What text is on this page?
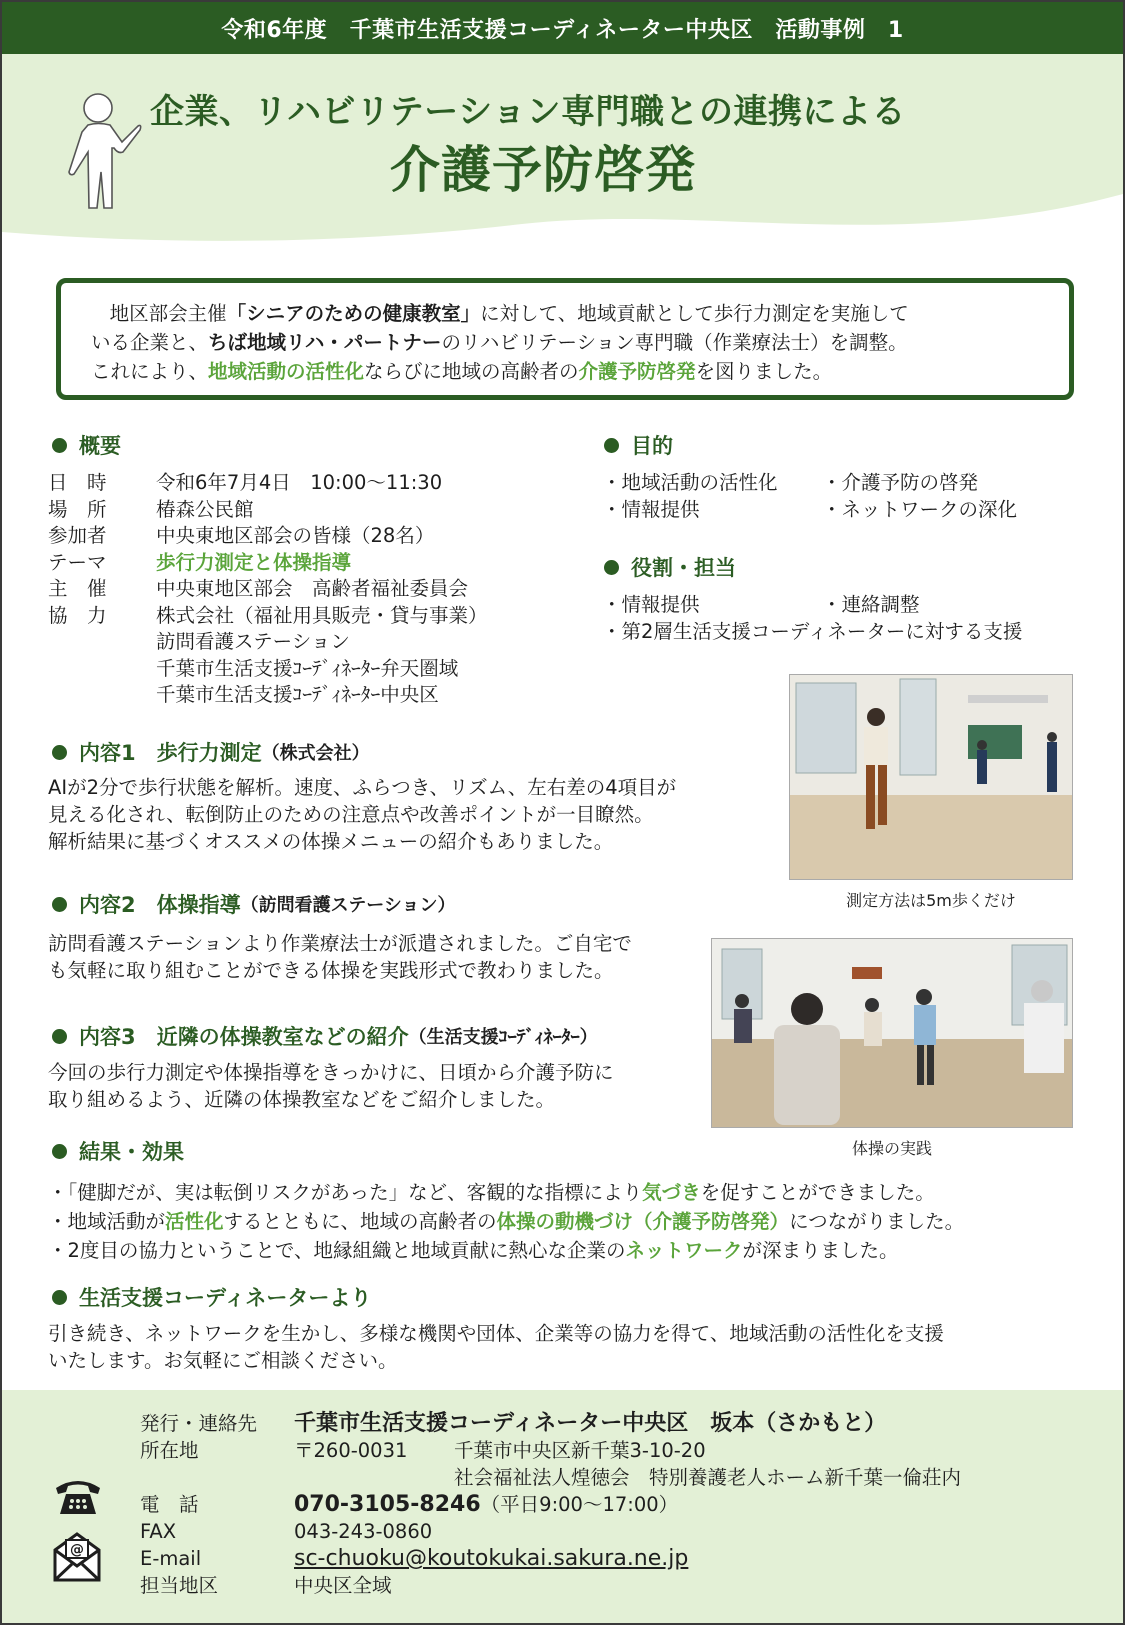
令和6年度　千葉市生活支援コーディネーター中央区　活動事例　1
企業、リハビリテーション専門職との連携による
介護予防啓発
地区部会主催「シニアのための健康教室」に対して、地域貢献として歩行力測定を実施して
いる企業と、ちば地域リハ・パートナーのリハビリテーション専門職（作業療法士）を調整。
これにより、地域活動の活性化ならびに地域の高齢者の介護予防啓発を図りました。
概要
日　時	令和6年7月4日　10:00～11:30
場　所	椿森公民館
参加者	中央東地区部会の皆様（28名）
テーマ	歩行力測定と体操指導
主　催	中央東地区部会　高齢者福祉委員会
協　力	株式会社（福祉用具販売・貸与事業）
訪問看護ステーション
千葉市生活支援ｺｰﾃﾞｨﾈｰﾀｰ弁天圏域
千葉市生活支援ｺｰﾃﾞｨﾈｰﾀｰ中央区
目的
・地域活動の活性化	・介護予防の啓発
・情報提供	・ネットワークの深化
役割・担当
・情報提供	・連絡調整
・第2層生活支援コーディネーターに対する支援
測定方法は5m歩くだけ
内容1　歩行力測定 （株式会社）
AIが2分で歩行状態を解析。速度、ふらつき、リズム、左右差の4項目が
見える化され、転倒防止のための注意点や改善ポイントが一目瞭然。
解析結果に基づくオススメの体操メニューの紹介もありました。
内容2　体操指導 （訪問看護ステーション）
訪問看護ステーションより作業療法士が派遣されました。ご自宅で
も気軽に取り組むことができる体操を実践形式で教わりました。
体操の実践
内容3　近隣の体操教室などの紹介 （生活支援ｺｰﾃﾞｨﾈｰﾀｰ）
今回の歩行力測定や体操指導をきっかけに、日頃から介護予防に
取り組めるよう、近隣の体操教室などをご紹介しました。
結果・効果
・「健脚だが、実は転倒リスクがあった」など、客観的な指標により気づきを促すことができました。
・地域活動が活性化するとともに、地域の高齢者の体操の動機づけ（介護予防啓発）につながりました。
・2度目の協力ということで、地縁組織と地域貢献に熱心な企業のネットワークが深まりました。
生活支援コーディネーターより
引き続き、ネットワークを生かし、多様な機関や団体、企業等の協力を得て、地域活動の活性化を支援
いたします。お気軽にご相談ください。
@
発行・連絡先	千葉市生活支援コーディネーター中央区　坂本（さかもと）
所在地	〒260-0031	千葉市中央区新千葉3-10-20
社会福祉法人煌徳会　特別養護老人ホーム新千葉一倫荘内
電　話	070-3105-8246 （平日9:00～17:00）
FAX	043-243-0860
E-mail	sc-chuoku@koutokukai.sakura.ne.jp
担当地区	中央区全域
